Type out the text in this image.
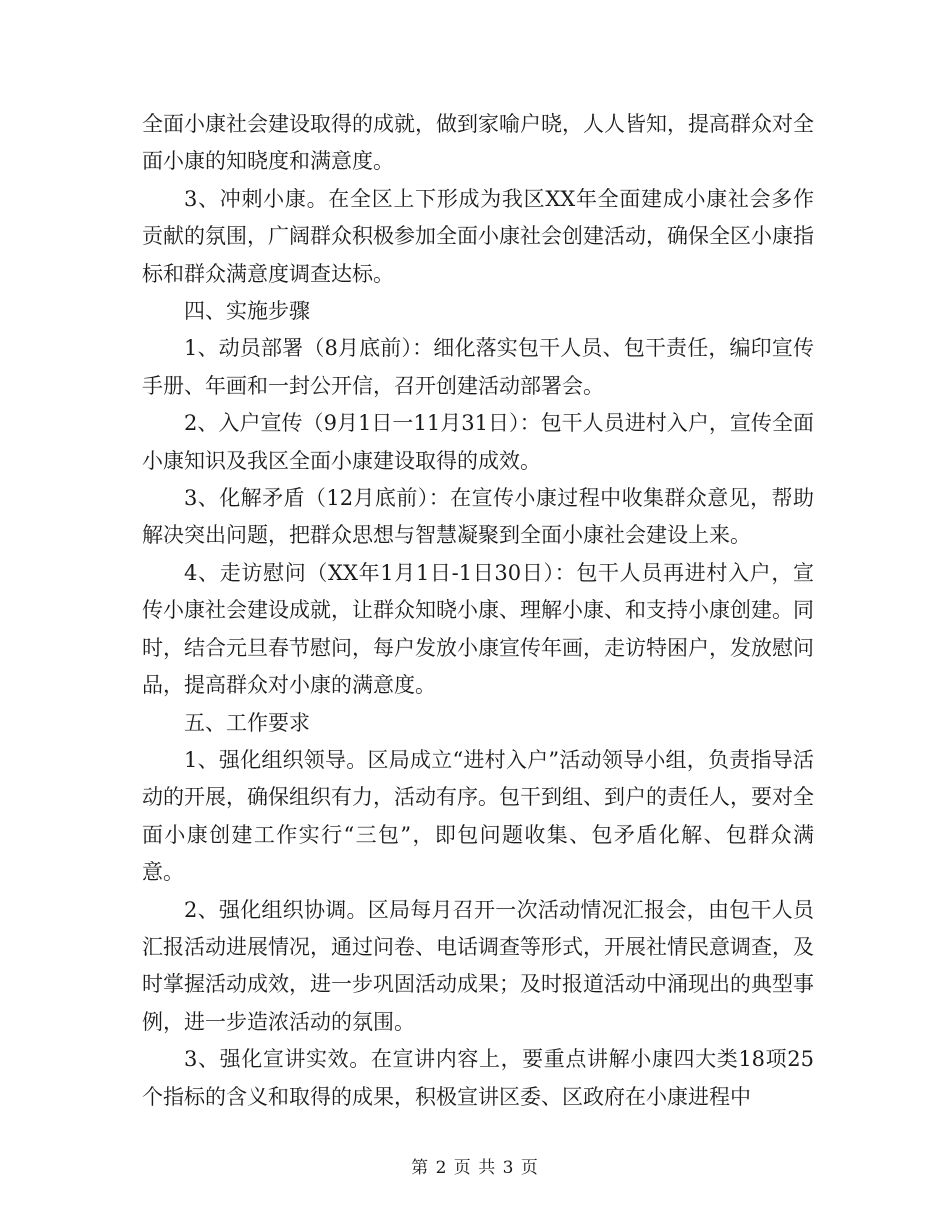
全面小康社会建设取得的成就，做到家喻户晓，人人皆知，提高群众对全面小康的知晓度和满意度。

3、冲刺小康。在全区上下形成为我区XX年全面建成小康社会多作贡献的氛围，广阔群众积极参加全面小康社会创建活动，确保全区小康指标和群众满意度调查达标。

四、实施步骤

1、动员部署（8月底前）：细化落实包干人员、包干责任，编印宣传手册、年画和一封公开信，召开创建活动部署会。

2、入户宣传（9月1日一11月31日）：包干人员进村入户，宣传全面小康知识及我区全面小康建设取得的成效。

3、化解矛盾（12月底前）：在宣传小康过程中收集群众意见，帮助解决突出问题，把群众思想与智慧凝聚到全面小康社会建设上来。

4、走访慰问（XX年1月1日-1日30日）：包干人员再进村入户，宣传小康社会建设成就，让群众知晓小康、理解小康、和支持小康创建。同时，结合元旦春节慰问，每户发放小康宣传年画，走访特困户，发放慰问品，提高群众对小康的满意度。

五、工作要求

1、强化组织领导。区局成立“进村入户”活动领导小组，负责指导活动的开展，确保组织有力，活动有序。包干到组、到户的责任人，要对全面小康创建工作实行“三包”，即包问题收集、包矛盾化解、包群众满意。

2、强化组织协调。区局每月召开一次活动情况汇报会，由包干人员汇报活动进展情况，通过问卷、电话调查等形式，开展社情民意调查，及时掌握活动成效，进一步巩固活动成果；及时报道活动中涌现出的典型事例，进一步造浓活动的氛围。

3、强化宣讲实效。在宣讲内容上，要重点讲解小康四大类18项25个指标的含义和取得的成果，积极宣讲区委、区政府在小康进程中

第 2 页 共 3 页
